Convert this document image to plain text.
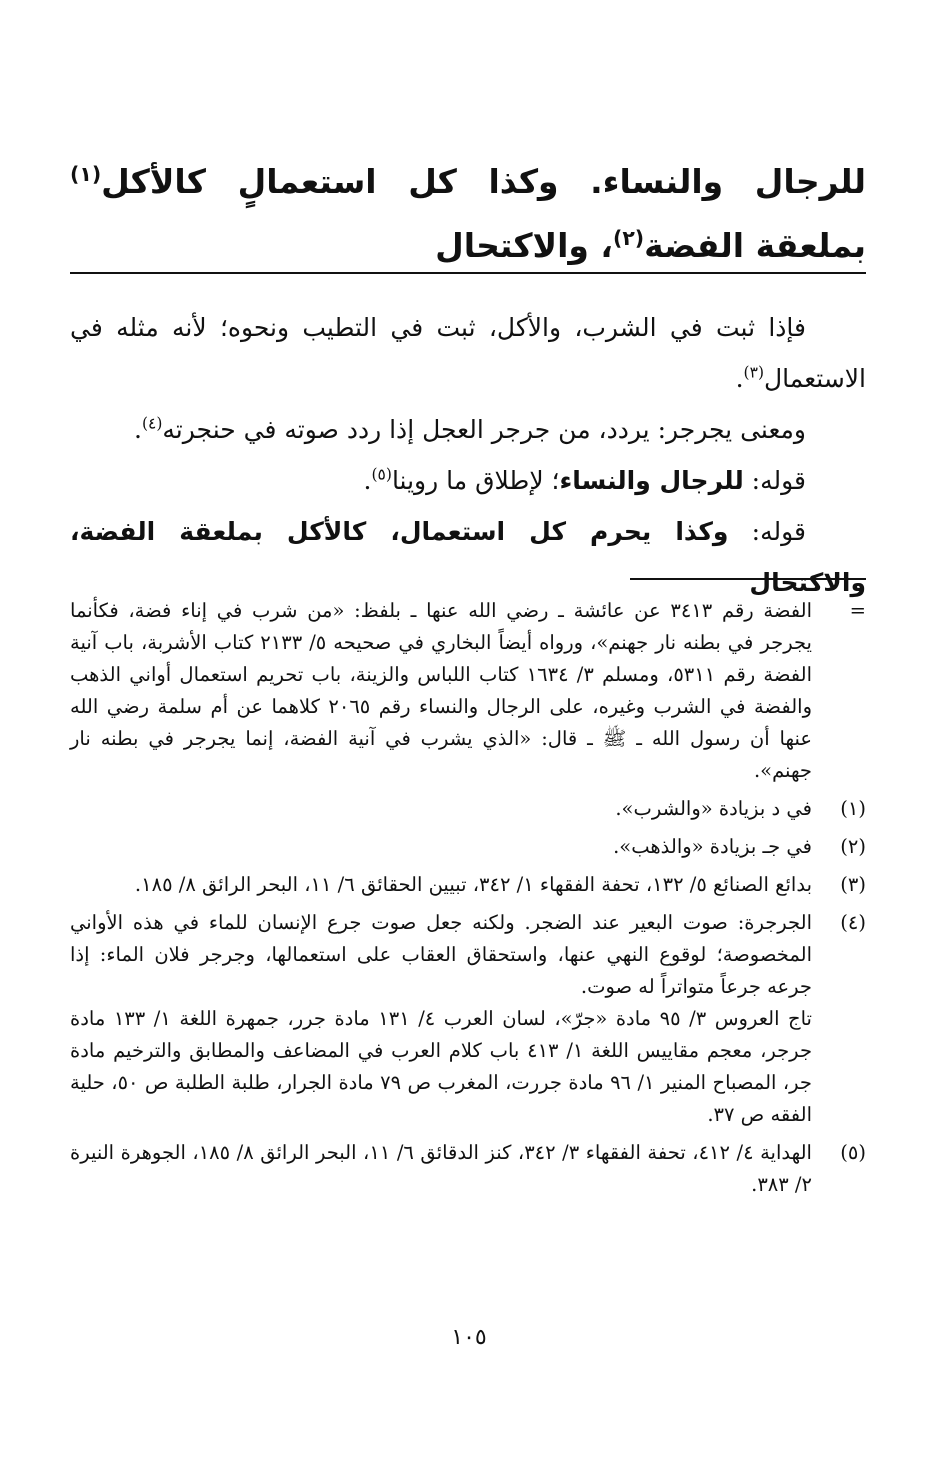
للرجال والنساء. وكذا كل استعمالٍ كالأكل$^{(١)}$ بملعقة الفضة$^{(٢)}$، والاكتحال

فإذا ثبت في الشرب، والأكل، ثبت في التطيب ونحوه؛ لأنه مثله في الاستعمال$^{(٣)}$.

ومعنى يجرجر: يردد، من جرجر العجل إذا ردد صوته في حنجرته$^{(٤)}$.

قوله: للرجال والنساء؛ لإطلاق ما روينا$^{(٥)}$.

قوله: وكذا يحرم كل استعمال، كالأكل بملعقة الفضة، والاكتحال

=

الفضة رقم ٣٤١٣ عن عائشة ـ رضي الله عنها ـ بلفظ: «من شرب في إناء فضة، فكأنما يجرجر في بطنه نار جهنم»، ورواه أيضاً البخاري في صحيحه ٥/ ٢١٣٣ كتاب الأشربة، باب آنية الفضة رقم ٥٣١١، ومسلم ٣/ ١٦٣٤ كتاب اللباس والزينة، باب تحريم استعمال أواني الذهب والفضة في الشرب وغيره، على الرجال والنساء رقم ٢٠٦٥ كلاهما عن أم سلمة رضي الله عنها أن رسول الله ـ ﷺ ـ قال: «الذي يشرب في آنية الفضة، إنما يجرجر في بطنه نار جهنم».

(١)

في د بزيادة «والشرب».

(٢)

في جـ بزيادة «والذهب».

(٣)

بدائع الصنائع ٥/ ١٣٢، تحفة الفقهاء ١/ ٣٤٢، تبيين الحقائق ٦/ ١١، البحر الرائق ٨/ ١٨٥.

(٤)

الجرجرة: صوت البعير عند الضجر. ولكنه جعل صوت جرع الإنسان للماء في هذه الأواني المخصوصة؛ لوقوع النهي عنها، واستحقاق العقاب على استعمالها، وجرجر فلان الماء: إذا جرعه جرعاً متواتراً له صوت.

تاج العروس ٣/ ٩٥ مادة «جرّ»، لسان العرب ٤/ ١٣١ مادة جرر، جمهرة اللغة ١/ ١٣٣ مادة جرجر، معجم مقاييس اللغة ١/ ٤١٣ باب كلام العرب في المضاعف والمطابق والترخيم مادة جر، المصباح المنير ١/ ٩٦ مادة جررت، المغرب ص ٧٩ مادة الجرار، طلبة الطلبة ص ٥٠، حلية الفقه ص ٣٧.

(٥)

الهداية ٤/ ٤١٢، تحفة الفقهاء ٣/ ٣٤٢، كنز الدقائق ٦/ ١١، البحر الرائق ٨/ ١٨٥، الجوهرة النيرة ٢/ ٣٨٣.

١٠٥
